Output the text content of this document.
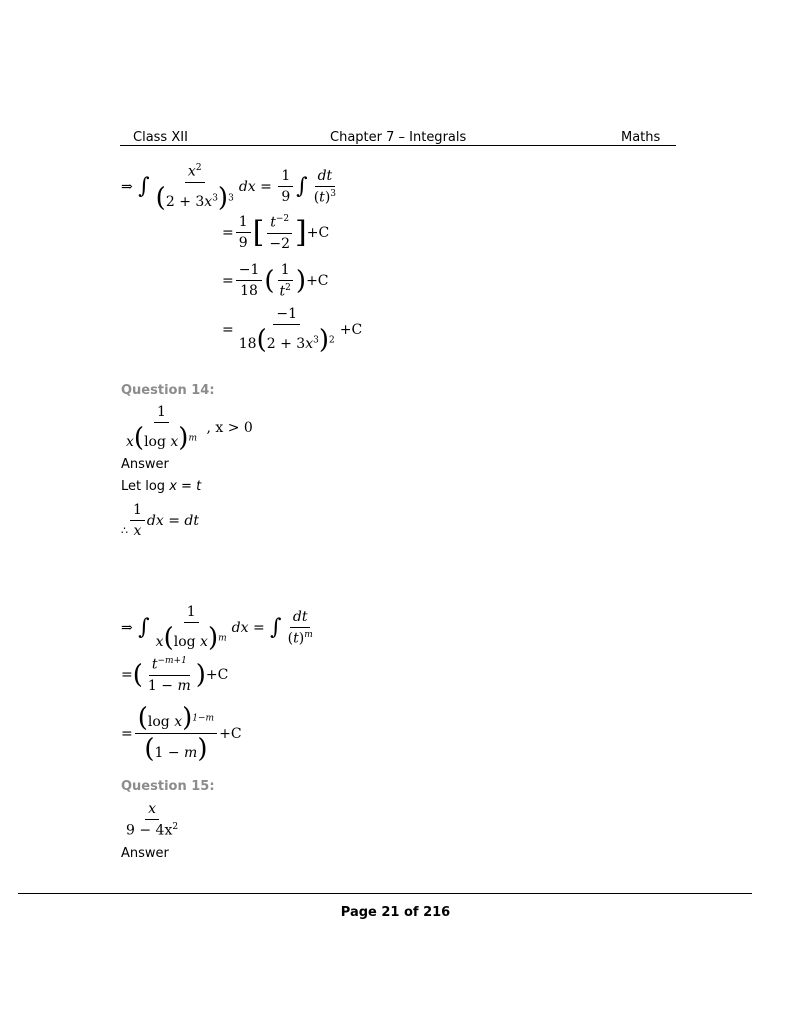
Class XII	Chapter 7 – Integrals	Maths
⇒
∫ $\frac{x^2}{(2 + 3x^3)^3}$ dx
=
$\frac{1}{9}$ ∫ $\frac{dt}{(t)^3}$
= $\frac{1}{9}$ [ $\frac{t^{-2}}{-2}$ ] + C
= $\frac{-1}{18}$ ( $\frac{1}{t^2}$ ) + C
= $\frac{-1}{18(2 + 3x^3)^2} + C$
Question 14:
$\frac{1}{x(\log x)^m}$
, x > 0
Answer
Let log x = t
∴ $\frac{1}{x}$ dx
=
dt
⇒
∫ $\frac{1}{x(\log x)^m}$ dx
=
∫ $\frac{dt}{(t)^m}$
= ( $\frac{t^{-m+1}}{1 - m}$ ) + C
= $\frac{(\log x)^{1-m}}{(1 - m)} + C$
Question 15:
$\frac{x}{9 - 4x^2}$
Answer
Page 21 of 216
